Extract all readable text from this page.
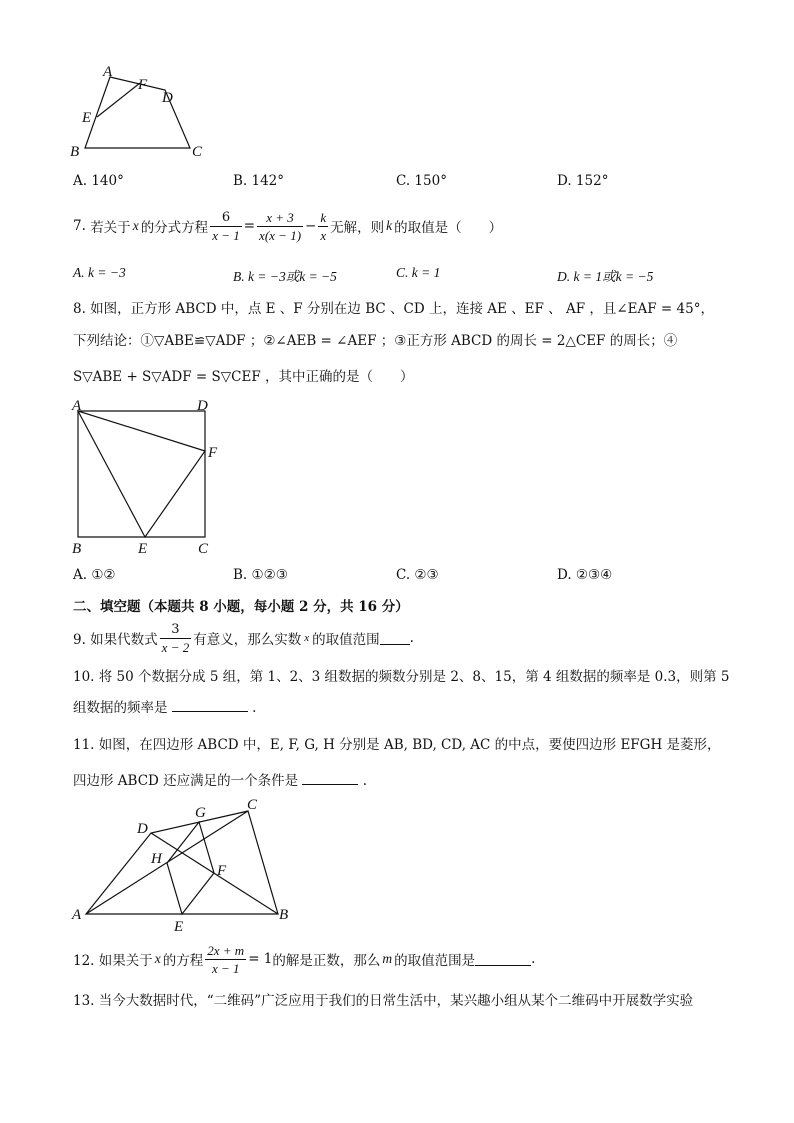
A
F
D
E
B	C
A. 140°	B. 142°	C. 150°	D. 152°
7.
若关于 x 的分式方程 $\frac{6}{x - 1} = \frac{x + 3}{x(x - 1)} - \frac{k}{x}$ 无解，则 k 的取值是（　　）
A. k = −3	B. k = −3或k = −5	C. k = 1	D. k = 1或k = −5
8. 如图，正方形 ABCD 中，点 E 、F 分别在边 BC 、CD 上，连接 AE 、EF 、 AF ，且∠EAF = 45°，
下列结论：①▽ABE≌▽ADF ；②∠AEB = ∠AEF ；③正方形 ABCD 的周长 = 2△CEF 的周长；④
S▽ABE + S▽ADF = S▽CEF ，其中正确的是（　　）
A	D
F
B	E	C
A. ①②	B. ①②③	C. ②③	D. ②③④
二、填空题（本题共 8 小题，每小题 2 分，共 16 分）
9. 如果代数式 $\frac{3}{x - 2}$ 有意义，那么实数 x 的取值范围 .
10. 将 50 个数据分成 5 组，第 1、2、3 组数据的频数分别是 2、8、15，第 4 组数据的频率是 0.3，则第 5
组数据的频率是	.
11. 如图，在四边形 ABCD 中，E, F, G, H 分别是 AB, BD, CD, AC 的中点，要使四边形 EFGH 是菱形，
四边形 ABCD 还应满足的一个条件是	.
A	B
C
D
E
F
G
H
12. 如果关于 x 的方程 $\frac{2x + m}{x - 1} = 1$ 的解是正数，那么 m 的取值范围是	.
13. 当今大数据时代，“二维码”广泛应用于我们的日常生活中，某兴趣小组从某个二维码中开展数学实验
